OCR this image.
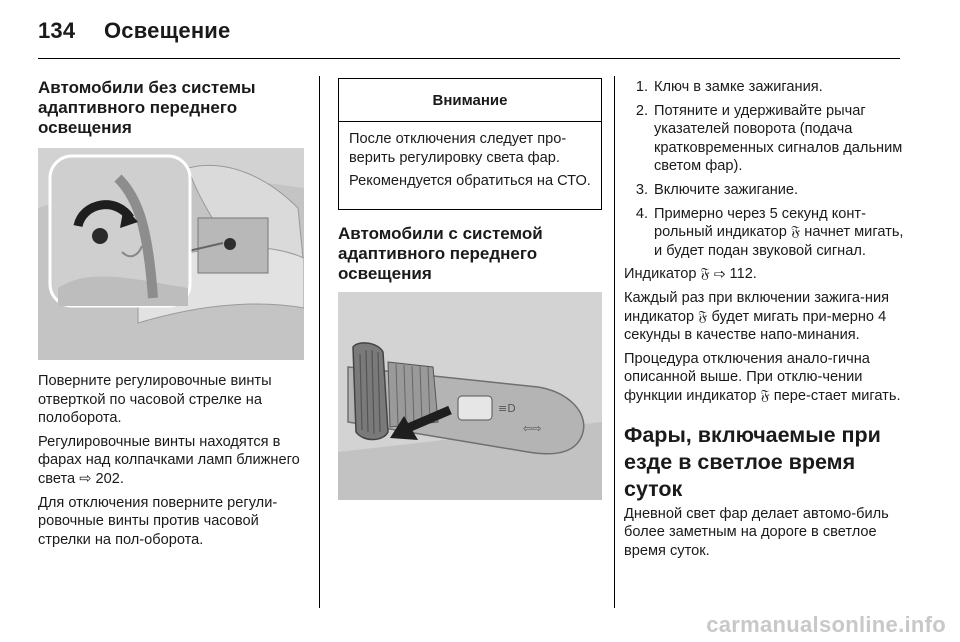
134 Освещение
Автомобили без системы адаптивного переднего освещения

Поверните регулировочные винты отверткой по часовой стрелке на полоборота.

Регулировочные винты находятся в фарах над колпачками ламп ближнего света ⇨ 202.

Для отключения поверните регули-ровочные винты против часовой стрелки на пол-оборота.

Внимание

После отключения следует про-верить регулировку света фар.

Рекомендуется обратиться на СТО.

Автомобили с системой адаптивного переднего освещения
≡D
⇦⇨
1. Ключ в замке зажигания.
2. Потяните и удерживайте рычаг указателей поворота (подача кратковременных сигналов дальним светом фар).
3. Включите зажигание.
4. Примерно через 5 секунд конт-рольный индикатор 𝔉 начнет мигать, и будет подан звуковой сигнал.

Индикатор 𝔉 ⇨ 112.

Каждый раз при включении зажига-ния индикатор 𝔉 будет мигать при-мерно 4 секунды в качестве напо-минания.

Процедура отключения анало-гична описанной выше. При отклю-чении функции индикатор 𝔉 пере-стает мигать.

Фары, включаемые при езде в светлое время суток

Дневной свет фар делает автомо-биль более заметным на дороге в светлое время суток.

carmanualsonline.info
